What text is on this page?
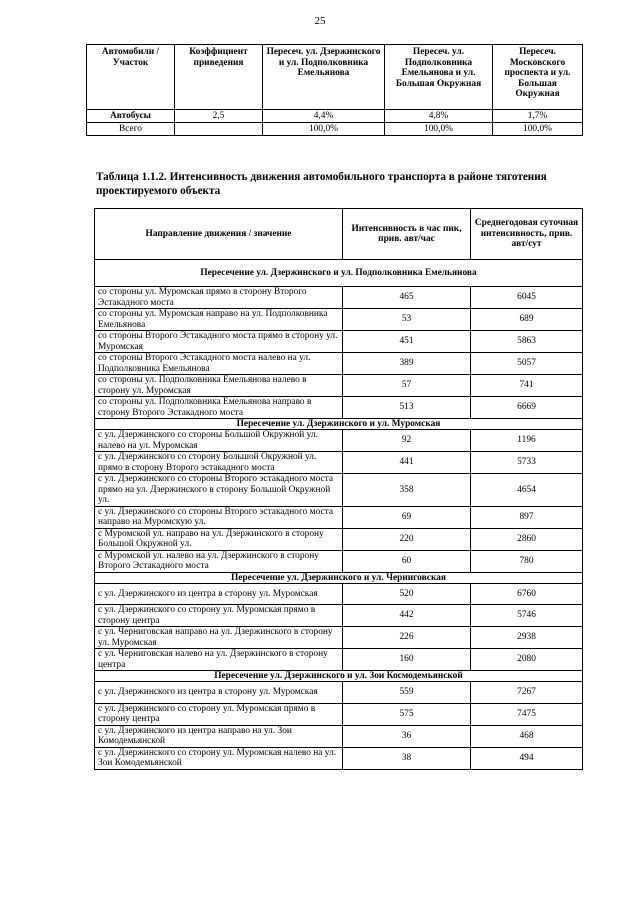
25
Автомобили / Участок	Коэффициент приведения	Пересеч. ул. Дзержинского и ул. Подполковника Емельянова	Пересеч. ул. Подполковника Емельянова и ул. Большая Окружная	Пересеч. Московского проспекта и ул. Большая Окружная
Автобусы	2,5	4,4%	4,8%	1,7%
Всего		100,0%	100,0%	100,0%
Таблица 1.1.2. Интенсивность движения автомобильного транспорта в районе тяготения проектируемого объекта
Направление движения / значение	Интенсивность в час пик, прив. авт/час	Среднегодовая суточная интенсивность, прив. авт/сут
Пересечение ул. Дзержинского и ул. Подполковника Емельянова		
со стороны ул. Муромская прямо в сторону Второго Эстакадного моста	465	6045
со стороны ул. Муромская направо на ул. Подполковника Емельянова	53	689
со стороны Второго Эстакадного моста прямо в сторону ул. Муромская	451	5863
со стороны Второго Эстакадного моста налево на ул. Подполковника Емельянова	389	5057
со стороны ул. Подполковника Емельянова налево в сторону ул. Муромская	57	741
со стороны ул. Подполковника Емельянова направо в сторону Второго Эстакадного моста	513	6669
Пересечение ул. Дзержинского и ул. Муромская		
с ул. Дзержинского со стороны Большой Окружной ул. налево на ул. Муромская	92	1196
с ул. Дзержинского со сторону Большой Окружной ул. прямо в сторону Второго эстакадного моста	441	5733
с ул. Дзержинского со стороны Второго эстакадного моста прямо на ул. Дзержинского в сторону Большой Окружной ул.	358	4654
с ул. Дзержинского со стороны Второго эстакадного моста направо на Муромскую ул.	69	897
с Муромской ул. направо на ул. Дзержинского в сторону Большой Окружной ул.	220	2860
с Муромской ул. налево на ул. Дзержинского в сторону Второго Эстакадного моста	60	780
Пересечение ул. Дзержинского и ул. Черниговская		
с ул. Дзержинского из центра в сторону ул. Муромская	520	6760
с ул. Дзержинского со сторону ул. Муромская прямо в сторону центра	442	5746
с ул. Черниговская направо на ул. Дзержинского в сторону ул. Муромская	226	2938
с ул. Черниговская налево на ул. Дзержинского в сторону центра	160	2080
Пересечение ул. Дзержинского и ул. Зои Космодемьянской		
с ул. Дзержинского из центра в сторону ул. Муромская	559	7267
с ул. Дзержинского со сторону ул. Муромская прямо в сторону центра	575	7475
с ул. Дзержинского из центра направо на ул. Зои Комодемьянской	36	468
с ул. Дзержинского со сторону ул. Муромская налево на ул. Зои Комодемьянской	38	494
